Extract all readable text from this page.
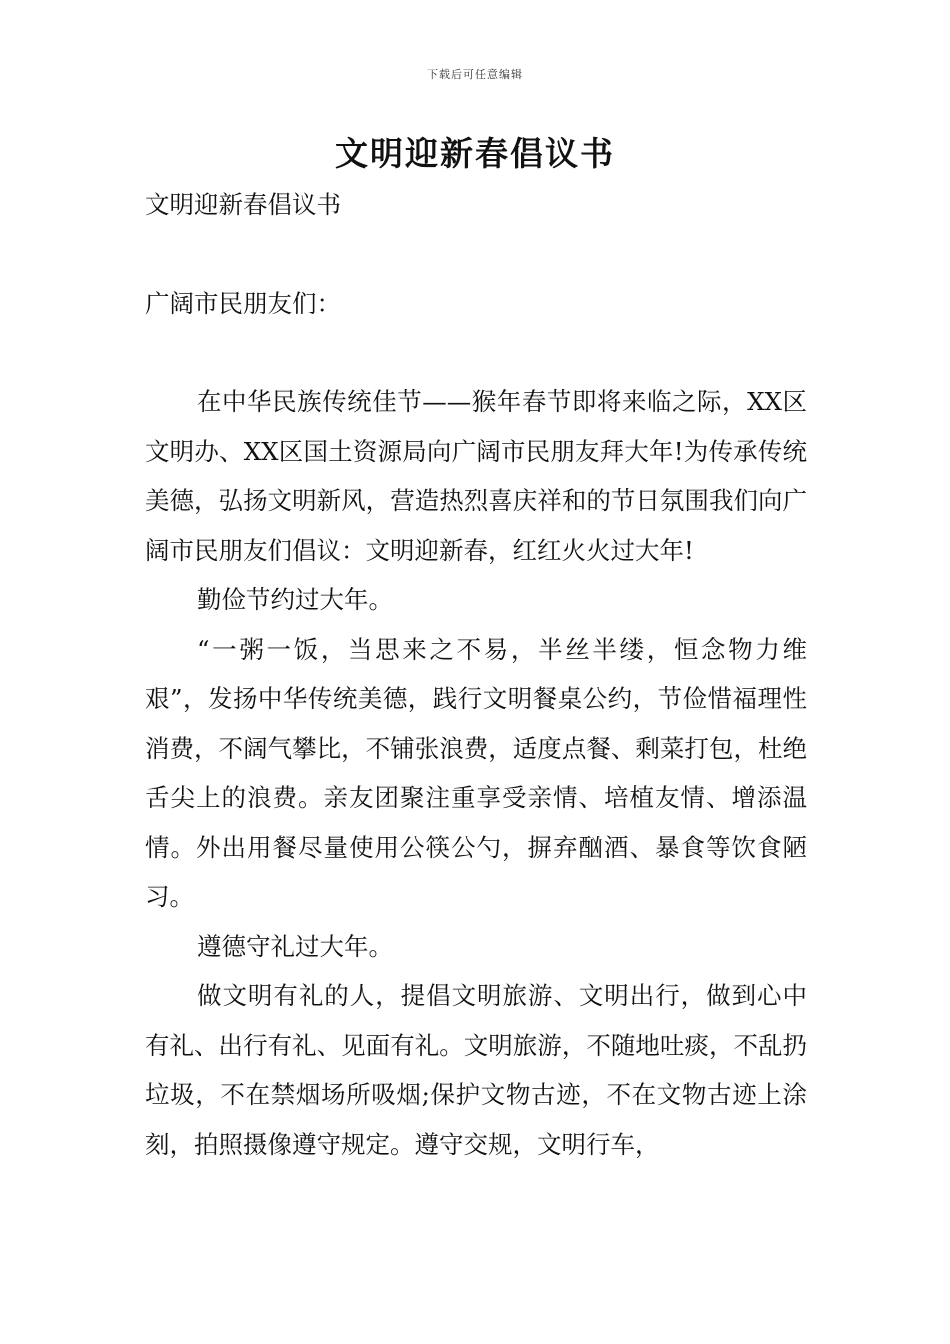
下载后可任意编辑
文明迎新春倡议书

文明迎新春倡议书

广阔市民朋友们：

在中华民族传统佳节——猴年春节即将来临之际，XX区文明办、XX区国土资源局向广阔市民朋友拜大年!为传承传统美德，弘扬文明新风，营造热烈喜庆祥和的节日氛围我们向广阔市民朋友们倡议：文明迎新春，红红火火过大年!

勤俭节约过大年。

“一粥一饭，当思来之不易，半丝半缕，恒念物力维艰”，发扬中华传统美德，践行文明餐桌公约，节俭惜福理性消费，不阔气攀比，不铺张浪费，适度点餐、剩菜打包，杜绝舌尖上的浪费。亲友团聚注重享受亲情、培植友情、增添温情。外出用餐尽量使用公筷公勺，摒弃酗酒、暴食等饮食陋习。

遵德守礼过大年。

做文明有礼的人，提倡文明旅游、文明出行，做到心中有礼、出行有礼、见面有礼。文明旅游，不随地吐痰，不乱扔垃圾，不在禁烟场所吸烟;保护文物古迹，不在文物古迹上涂刻，拍照摄像遵守规定。遵守交规，文明行车，
